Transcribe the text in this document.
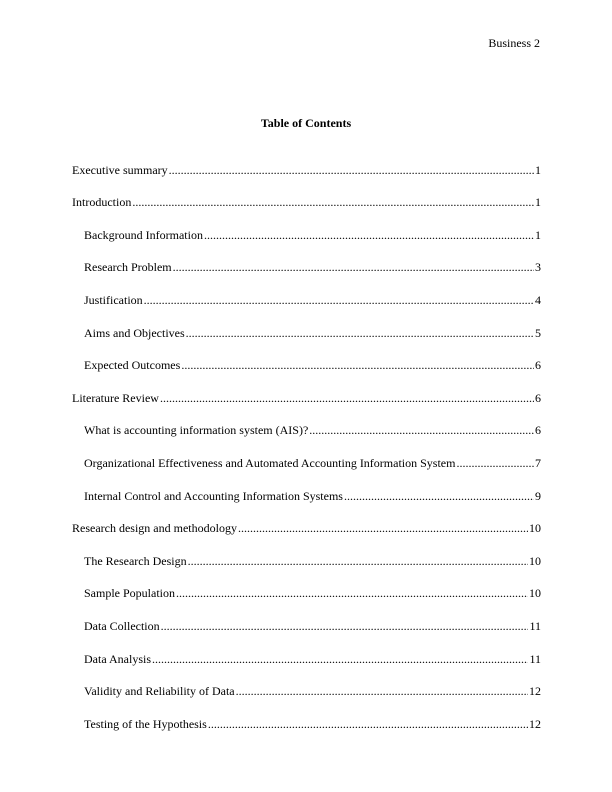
Business 2
Table of Contents
Executive summary .....	1
Introduction .....	1
Background Information .....	1
Research Problem .....	3
Justification .....	4
Aims and Objectives .....	5
Expected Outcomes .....	6
Literature Review .....	6
What is accounting information system (AIS)? .....	6
Organizational Effectiveness and Automated Accounting Information System .....	7
Internal Control and Accounting Information Systems .....	9
Research design and methodology .....	10
The Research Design .....	10
Sample Population .....	10
Data Collection .....	11
Data Analysis .....	11
Validity and Reliability of Data .....	12
Testing of the Hypothesis .....	12
